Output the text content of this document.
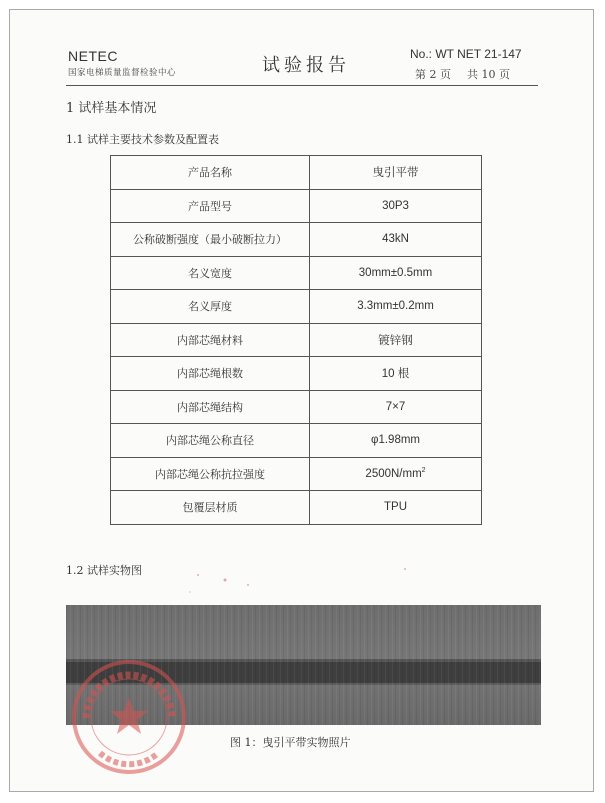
NETEC
国家电梯质量监督检验中心	试验报告
No.: WT NET 21-147
第 2 页 共 10 页
1 试样基本情况
1.1 试样主要技术参数及配置表
产品名称	曳引平带
产品型号	30P3
公称破断强度（最小破断拉力）	43kN
名义宽度	30mm±0.5mm
名义厚度	3.3mm±0.2mm
内部芯绳材料	镀锌钢
内部芯绳根数	10 根
内部芯绳结构	7×7
内部芯绳公称直径	φ1.98mm
内部芯绳公称抗拉强度	$2500N/mm^2$
包覆层材质	TPU
1.2 试样实物图
图 1：曳引平带实物照片
